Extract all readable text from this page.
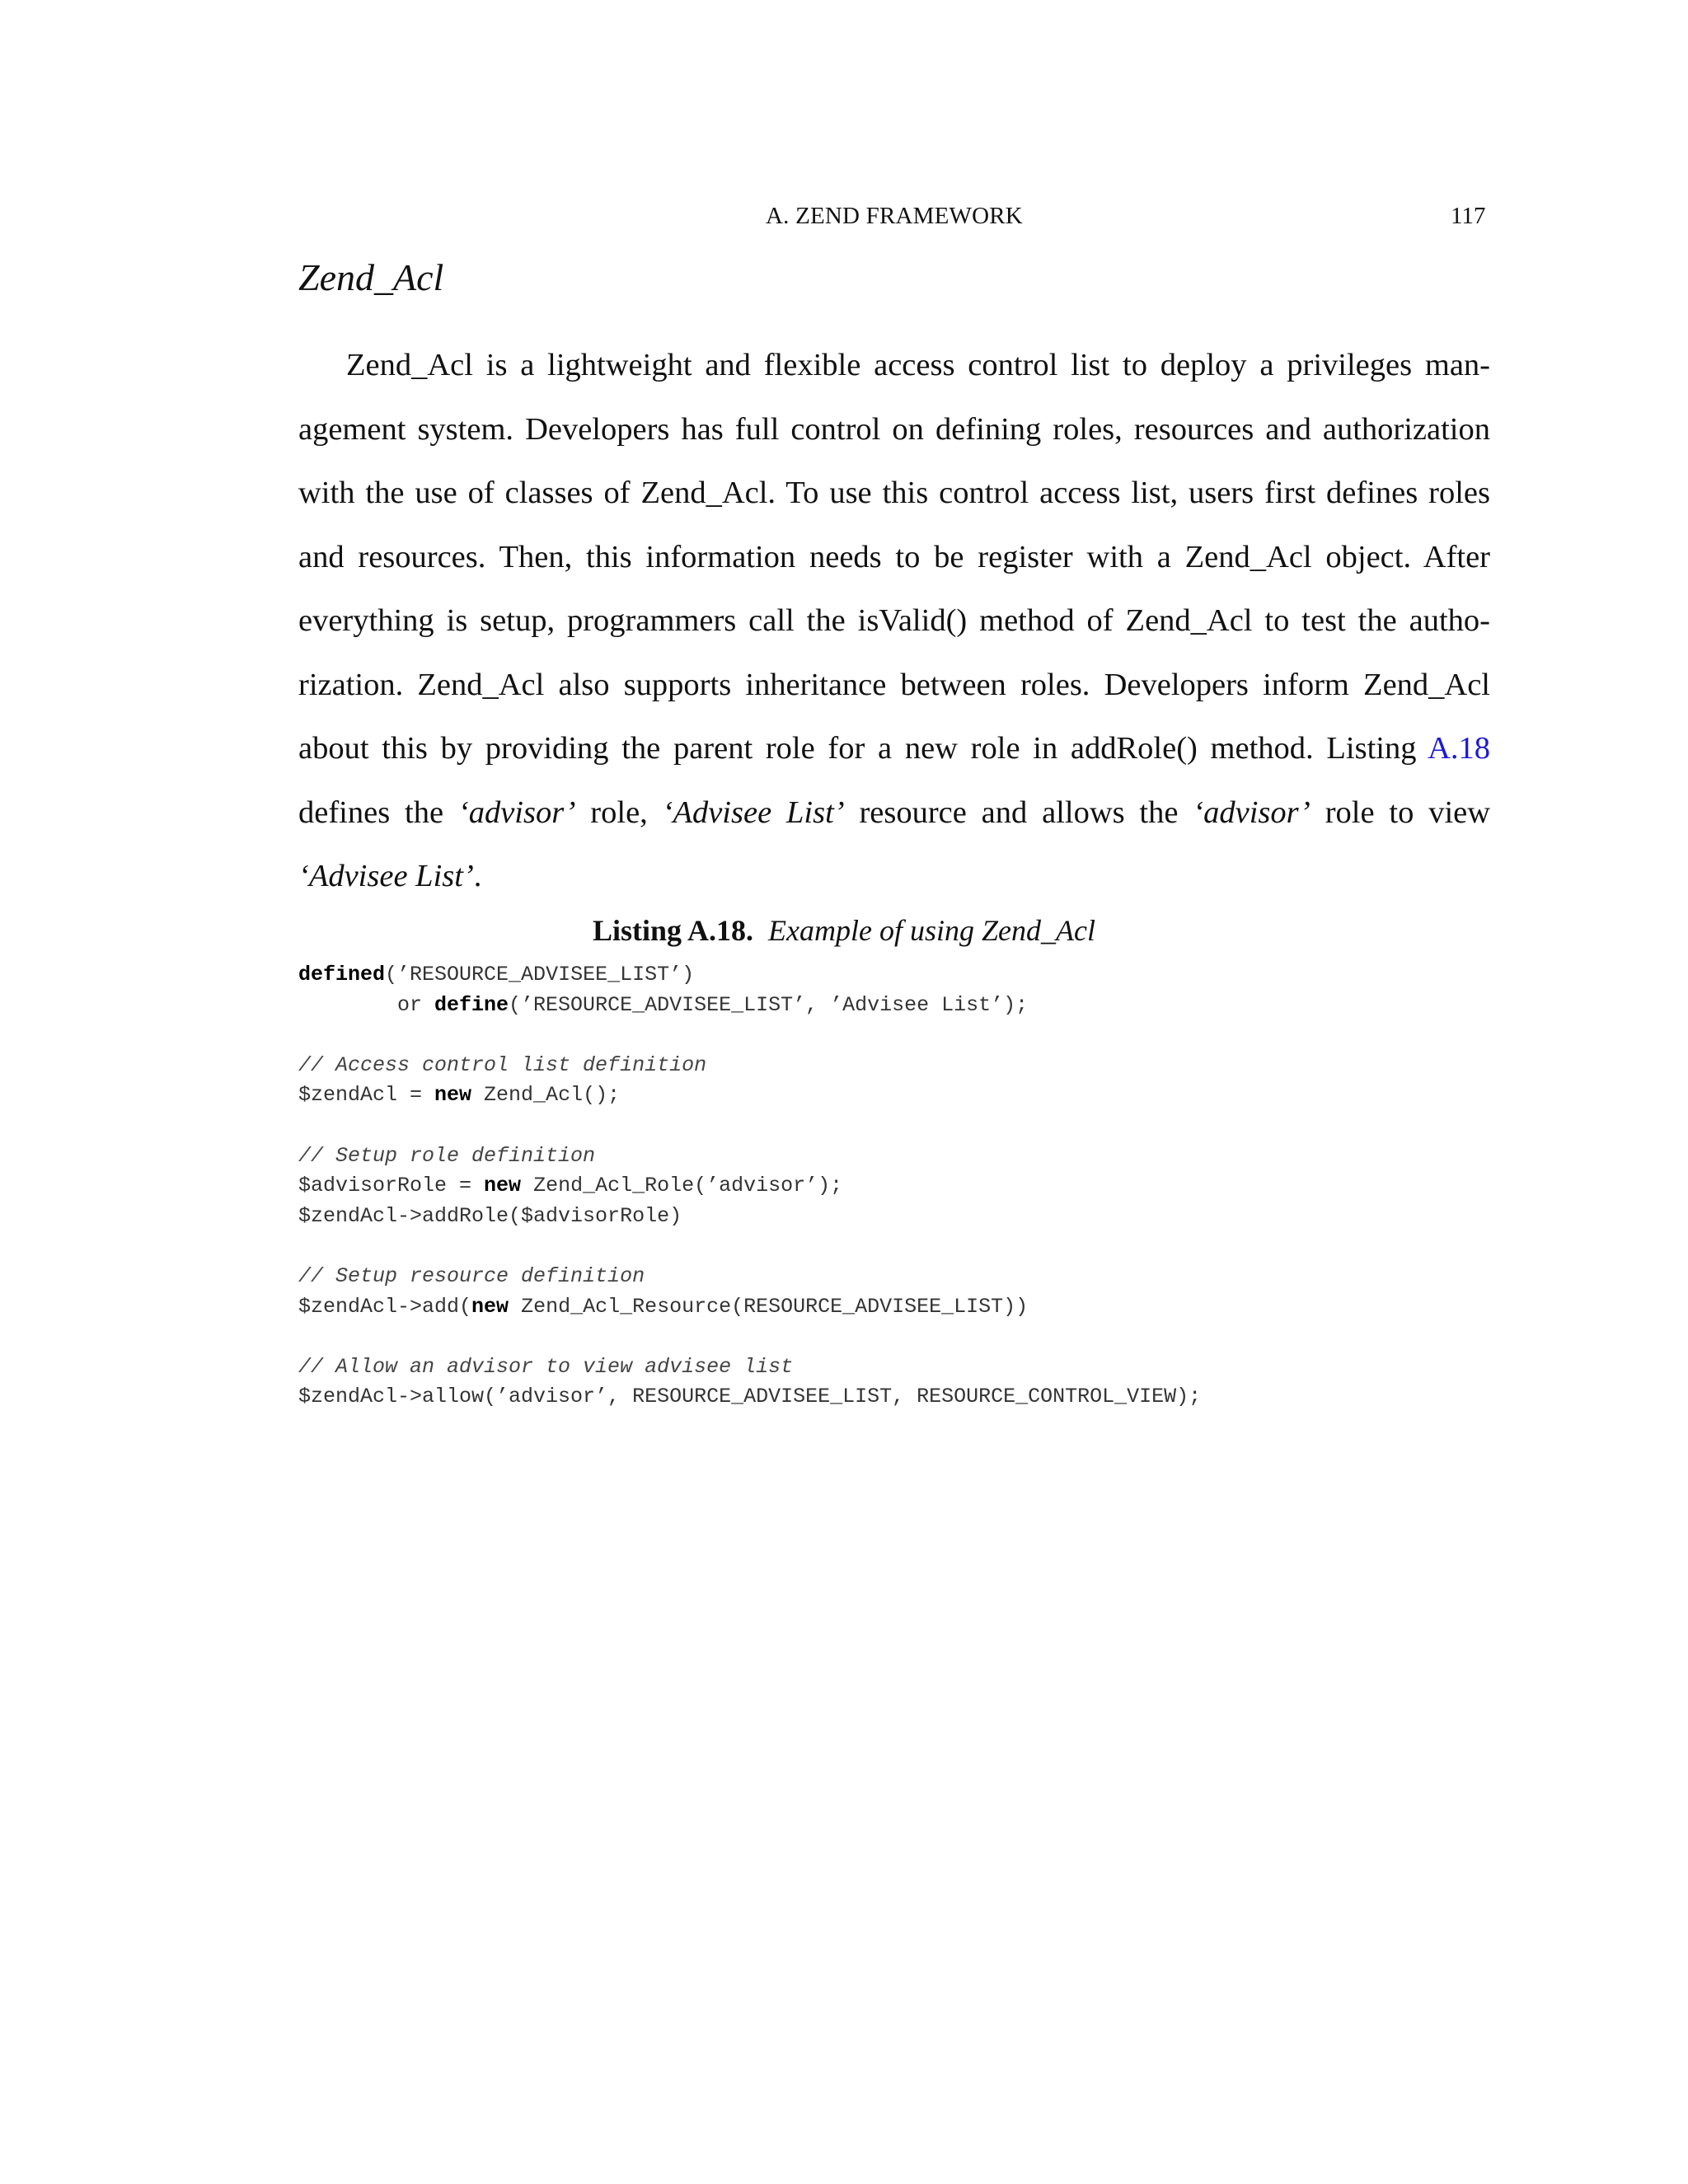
A. ZEND FRAMEWORK	117
Zend_Acl
Zend_Acl is a lightweight and flexible access control list to deploy a privileges man-
agement system. Developers has full control on defining roles, resources and authorization
with the use of classes of Zend_Acl. To use this control access list, users first defines roles
and resources. Then, this information needs to be register with a Zend_Acl object. After
everything is setup, programmers call the isValid() method of Zend_Acl to test the autho-
rization. Zend_Acl also supports inheritance between roles. Developers inform Zend_Acl
about this by providing the parent role for a new role in addRole() method. Listing A.18
defines the ‘advisor’ role, ‘Advisee List’ resource and allows the ‘advisor’ role to view
‘Advisee List’.
Listing A.18. Example of using Zend_Acl
defined(’RESOURCE_ADVISEE_LIST’)
or define(’RESOURCE_ADVISEE_LIST’, ’Advisee List’);
// Access control list definition
$zendAcl = new Zend_Acl();
// Setup role definition
$advisorRole = new Zend_Acl_Role(’advisor’);
$zendAcl->addRole($advisorRole)
// Setup resource definition
$zendAcl->add(new Zend_Acl_Resource(RESOURCE_ADVISEE_LIST))
// Allow an advisor to view advisee list
$zendAcl->allow(’advisor’, RESOURCE_ADVISEE_LIST, RESOURCE_CONTROL_VIEW);
